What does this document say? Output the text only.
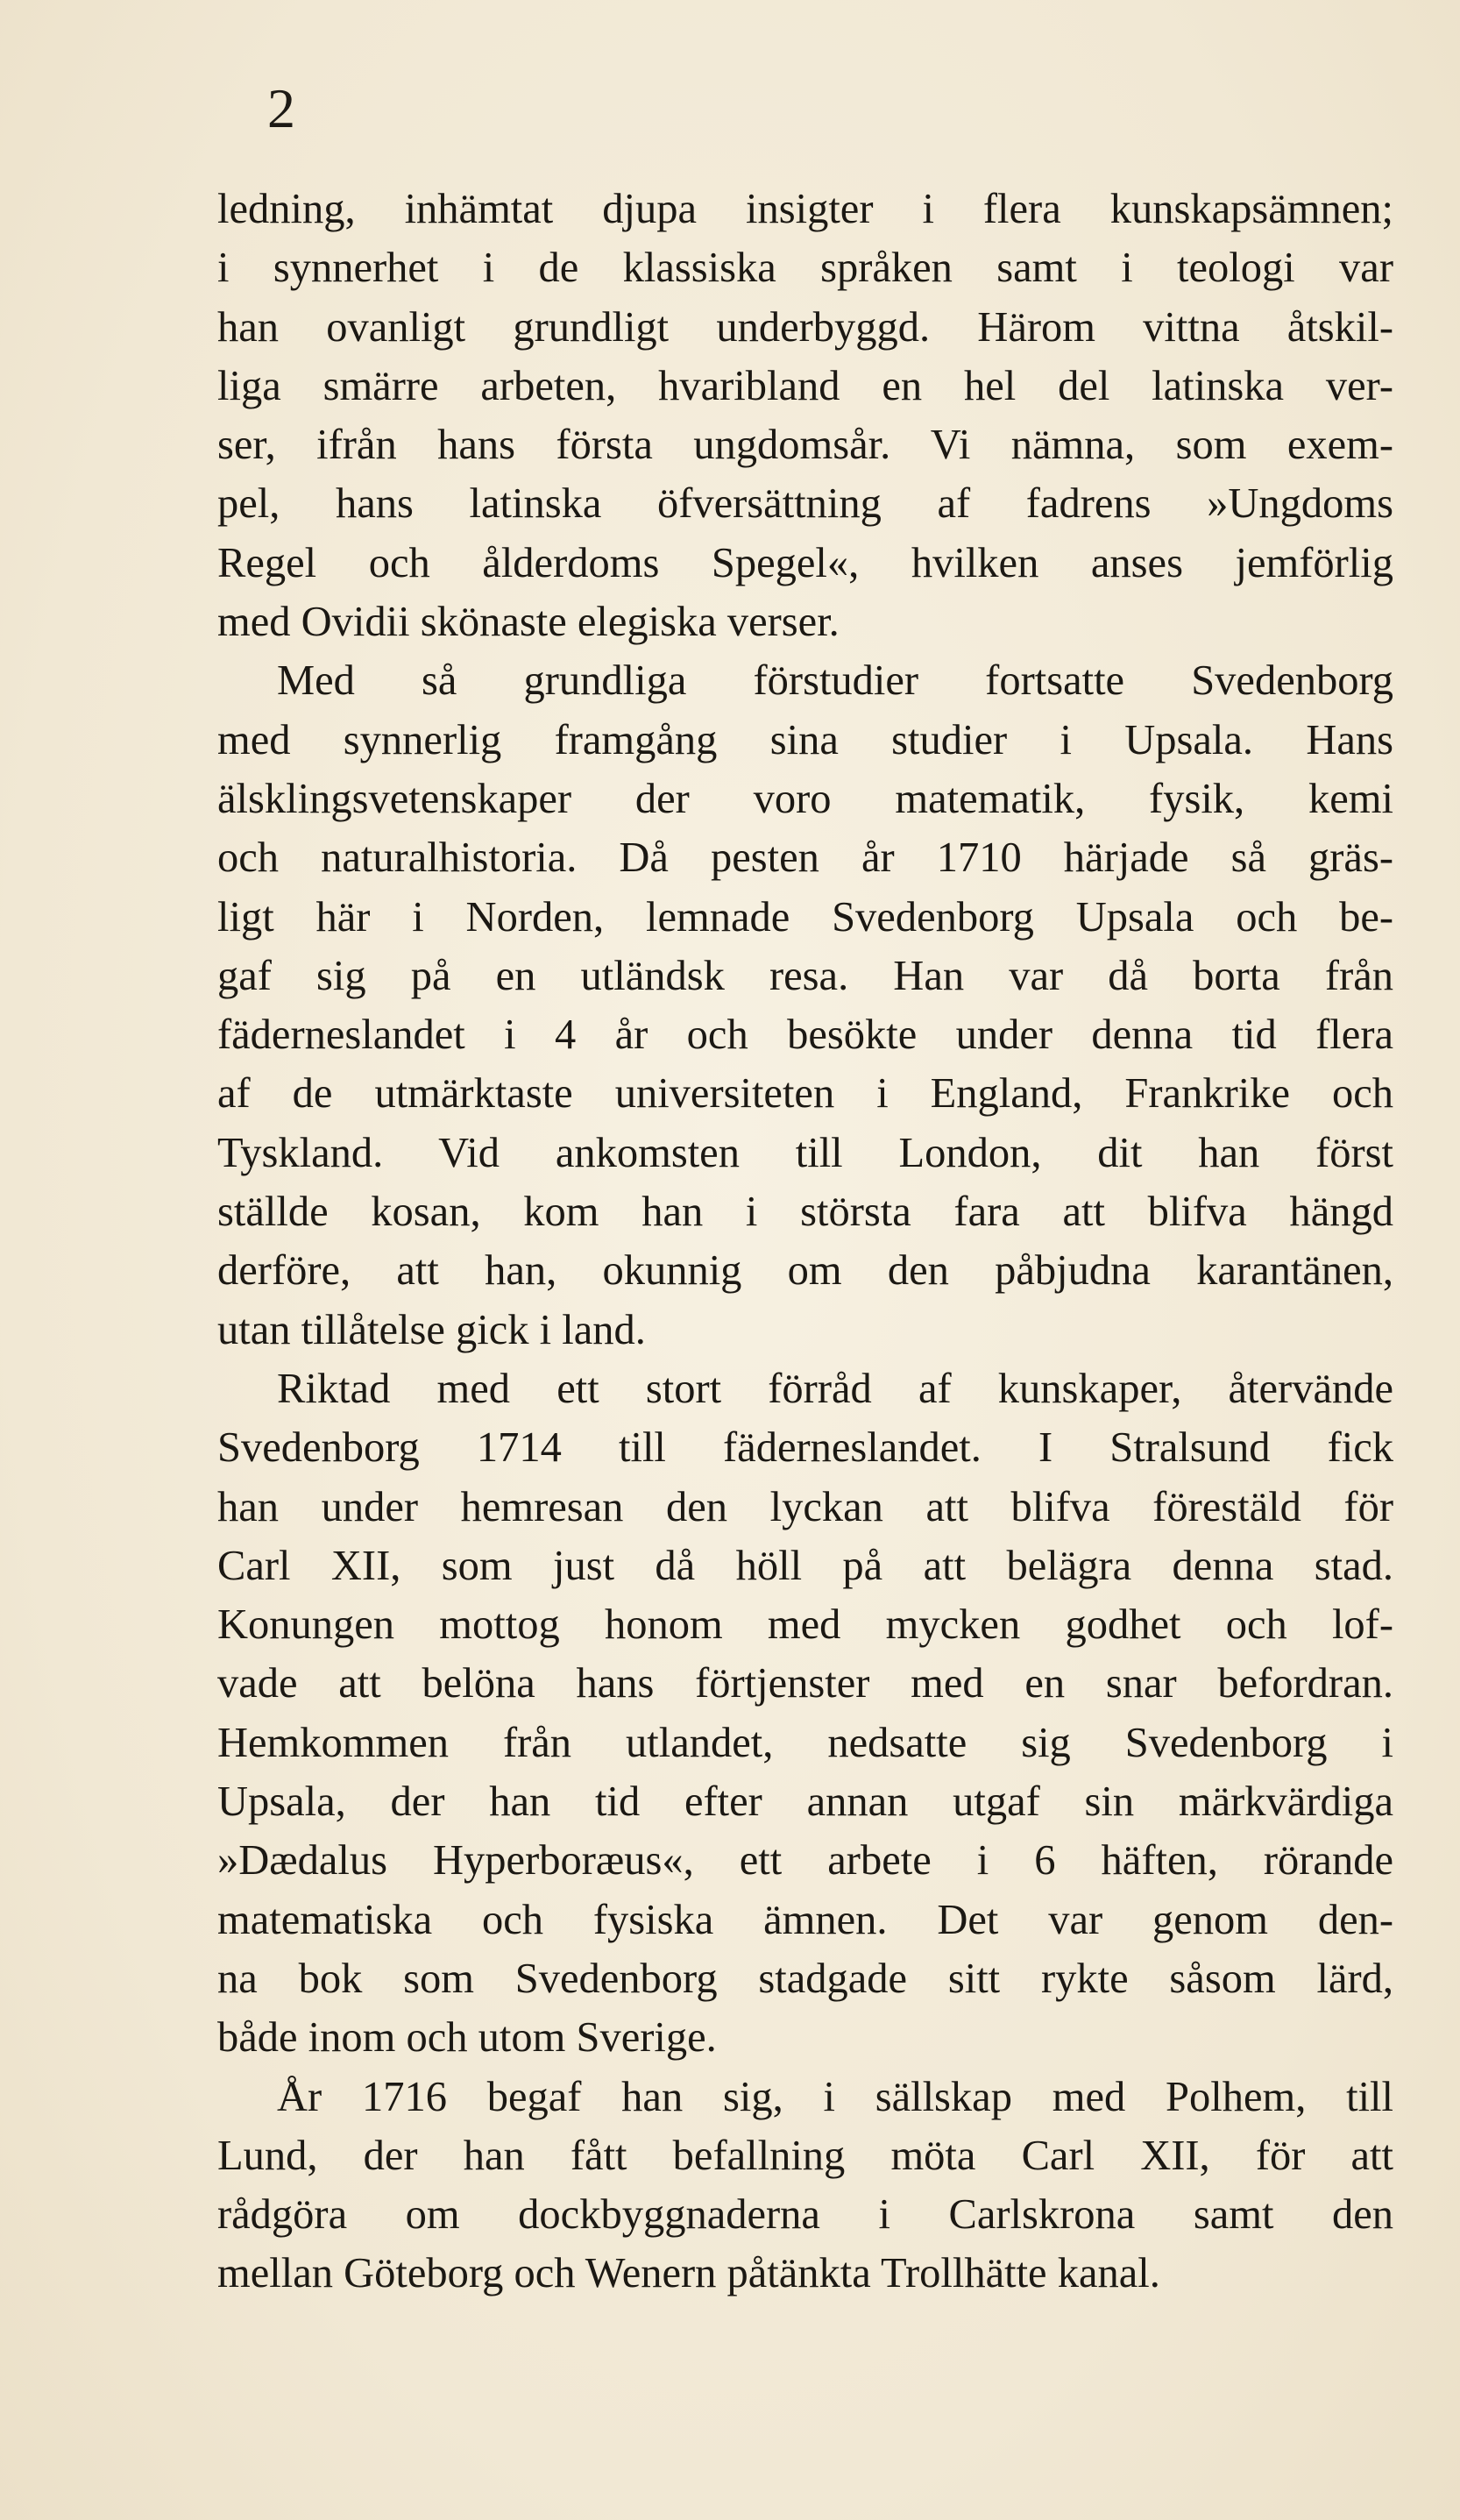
2
ledning, inhämtat djupa insigter i flera kunskapsämnen;
i synnerhet i de klassiska språken samt i teologi var
han ovanligt grundligt underbyggd. Härom vittna åtskil-
liga smärre arbeten, hvaribland en hel del latinska ver-
ser, ifrån hans första ungdomsår. Vi nämna, som exem-
pel, hans latinska öfversättning af fadrens »Ungdoms
Regel och ålderdoms Spegel«, hvilken anses jemförlig
med Ovidii skönaste elegiska verser.
Med så grundliga förstudier fortsatte Svedenborg
med synnerlig framgång sina studier i Upsala. Hans
älsklingsvetenskaper der voro matematik, fysik, kemi
och naturalhistoria. Då pesten år 1710 härjade så gräs-
ligt här i Norden, lemnade Svedenborg Upsala och be-
gaf sig på en utländsk resa. Han var då borta från
fäderneslandet i 4 år och besökte under denna tid flera
af de utmärktaste universiteten i England, Frankrike och
Tyskland. Vid ankomsten till London, dit han först
ställde kosan, kom han i största fara att blifva hängd
derföre, att han, okunnig om den påbjudna karantänen,
utan tillåtelse gick i land.
Riktad med ett stort förråd af kunskaper, återvände
Svedenborg 1714 till fäderneslandet. I Stralsund fick
han under hemresan den lyckan att blifva förestäld för
Carl XII, som just då höll på att belägra denna stad.
Konungen mottog honom med mycken godhet och lof-
vade att belöna hans förtjenster med en snar befordran.
Hemkommen från utlandet, nedsatte sig Svedenborg i
Upsala, der han tid efter annan utgaf sin märkvärdiga
»Dædalus Hyperboræus«, ett arbete i 6 häften, rörande
matematiska och fysiska ämnen. Det var genom den-
na bok som Svedenborg stadgade sitt rykte såsom lärd,
både inom och utom Sverige.
År 1716 begaf han sig, i sällskap med Polhem, till
Lund, der han fått befallning möta Carl XII, för att
rådgöra om dockbyggnaderna i Carlskrona samt den
mellan Göteborg och Wenern påtänkta Trollhätte kanal.
